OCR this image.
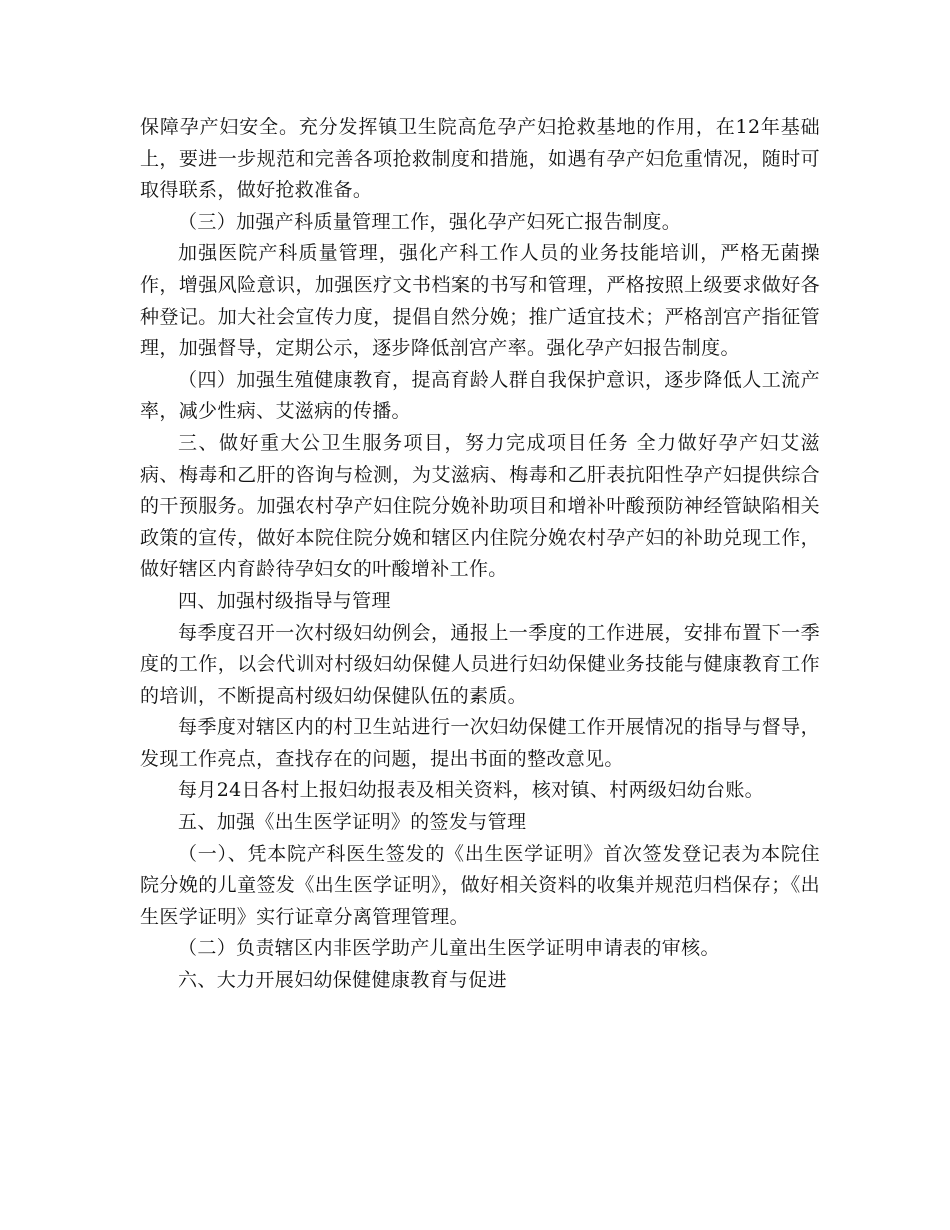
保障孕产妇安全。充分发挥镇卫生院高危孕产妇抢救基地的作用，在12年基础上，要进一步规范和完善各项抢救制度和措施，如遇有孕产妇危重情况，随时可取得联系，做好抢救准备。

（三）加强产科质量管理工作，强化孕产妇死亡报告制度。

加强医院产科质量管理，强化产科工作人员的业务技能培训，严格无菌操作，增强风险意识，加强医疗文书档案的书写和管理，严格按照上级要求做好各种登记。加大社会宣传力度，提倡自然分娩；推广适宜技术；严格剖宫产指征管理，加强督导，定期公示，逐步降低剖宫产率。强化孕产妇报告制度。

（四）加强生殖健康教育，提高育龄人群自我保护意识，逐步降低人工流产率，减少性病、艾滋病的传播。

三、做好重大公卫生服务项目，努力完成项目任务 全力做好孕产妇艾滋病、梅毒和乙肝的咨询与检测，为艾滋病、梅毒和乙肝表抗阳性孕产妇提供综合的干预服务。加强农村孕产妇住院分娩补助项目和增补叶酸预防神经管缺陷相关政策的宣传，做好本院住院分娩和辖区内住院分娩农村孕产妇的补助兑现工作，做好辖区内育龄待孕妇女的叶酸增补工作。

四、加强村级指导与管理

每季度召开一次村级妇幼例会，通报上一季度的工作进展，安排布置下一季度的工作，以会代训对村级妇幼保健人员进行妇幼保健业务技能与健康教育工作的培训，不断提高村级妇幼保健队伍的素质。

每季度对辖区内的村卫生站进行一次妇幼保健工作开展情况的指导与督导，发现工作亮点，查找存在的问题，提出书面的整改意见。

每月24日各村上报妇幼报表及相关资料，核对镇、村两级妇幼台账。

五、加强《出生医学证明》的签发与管理

（一）、凭本院产科医生签发的《出生医学证明》首次签发登记表为本院住院分娩的儿童签发《出生医学证明》，做好相关资料的收集并规范归档保存；《出生医学证明》实行证章分离管理管理。

（二）负责辖区内非医学助产儿童出生医学证明申请表的审核。

六、大力开展妇幼保健健康教育与促进
